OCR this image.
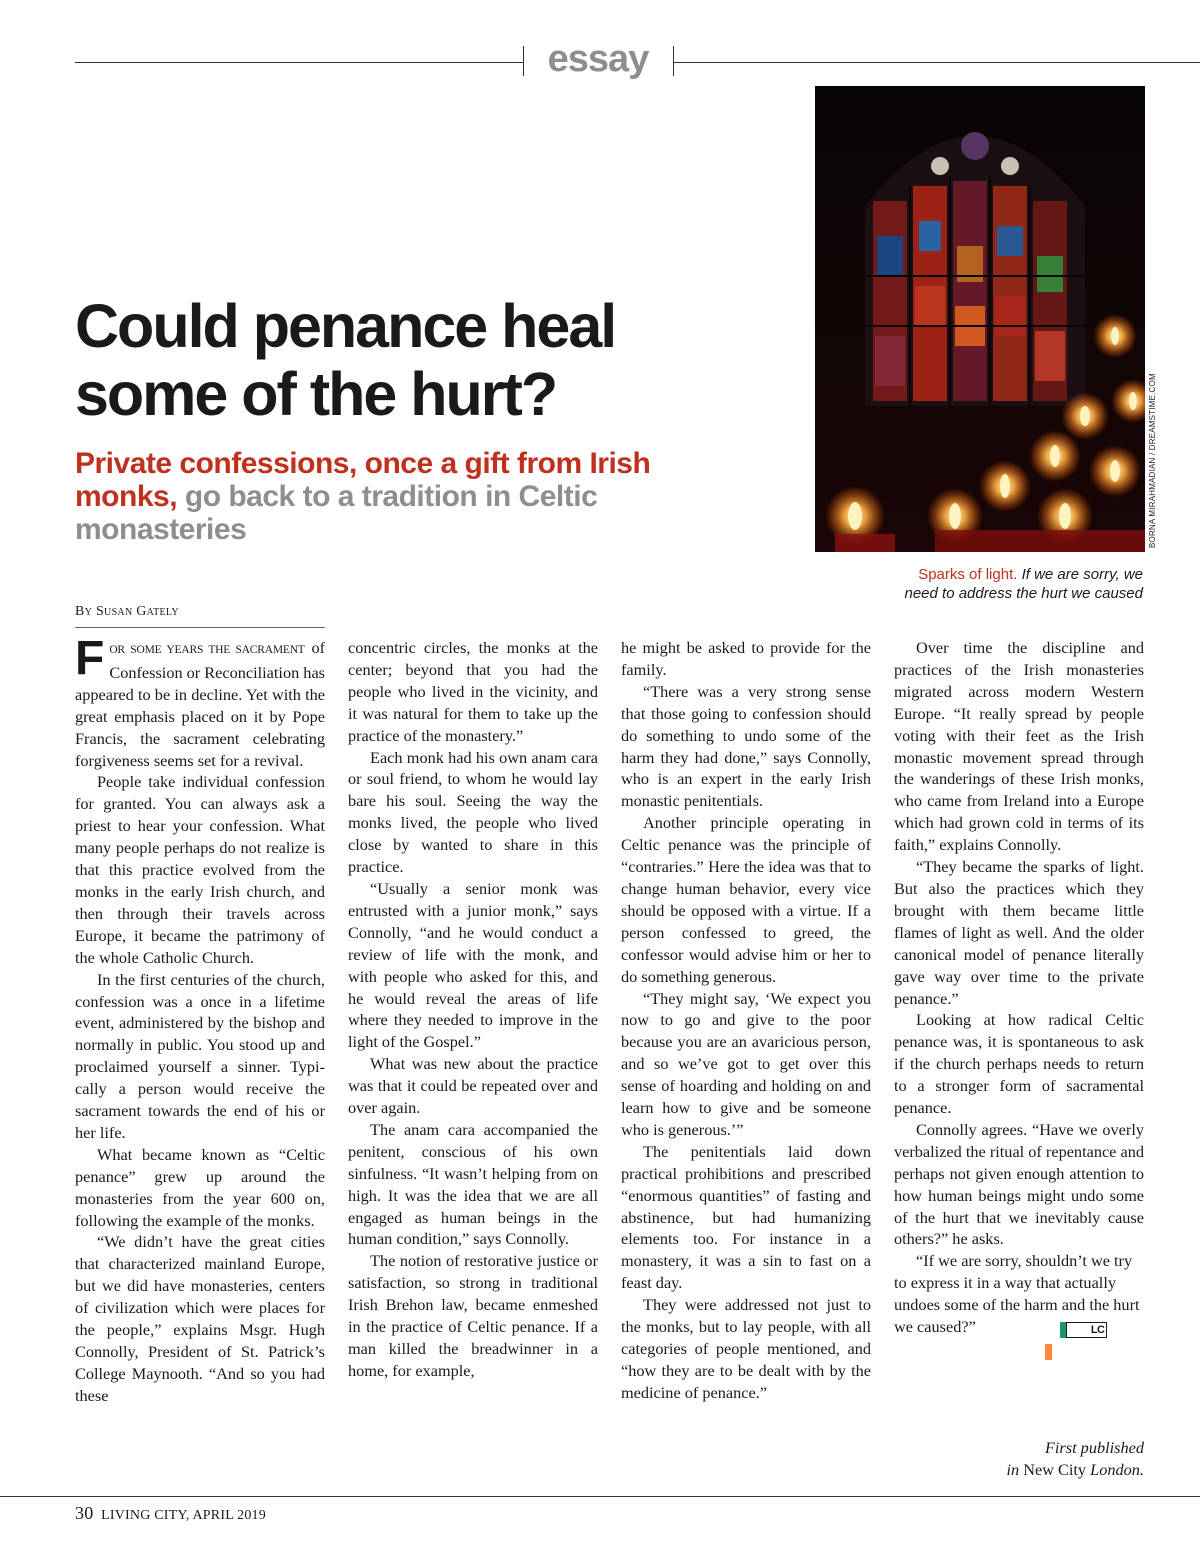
essay
BORNA MIRAHMADIAN / DREAMSTIME.COM
Sparks of light. If we are sorry, we need to address the hurt we caused
Could penance heal some of the hurt?
Private confessions, once a gift from Irish monks, go back to a tradition in Celtic monasteries
By Susan Gately

FOR SOME YEARS THE SACRAMENT of Confession or Reconciliation has appeared to be in decline. Yet with the great emphasis placed on it by Pope Francis, the sacrament celebrating forgiveness seems set for a revival.

People take individual confession for granted. You can always ask a priest to hear your confession. What many people perhaps do not realize is that this practice evolved from the monks in the early Irish church, and then through their travels across Europe, it became the patrimony of the whole Catholic Church.

In the first centuries of the church, confession was a once in a lifetime event, administered by the bishop and normally in public. You stood up and proclaimed yourself a sinner. Typically a person would receive the sacrament towards the end of his or her life.

What became known as “Celtic penance” grew up around the monasteries from the year 600 on, following the example of the monks.

“We didn’t have the great cities that characterized mainland Europe, but we did have monasteries, centers of civilization which were places for the people,” explains Msgr. Hugh Connolly, President of St. Patrick’s College Maynooth. “And so you had these

concentric circles, the monks at the center; beyond that you had the people who lived in the vicinity, and it was natural for them to take up the practice of the monastery.”

Each monk had his own anam cara or soul friend, to whom he would lay bare his soul. Seeing the way the monks lived, the people who lived close by wanted to share in this practice.

“Usually a senior monk was entrusted with a junior monk,” says Connolly, “and he would conduct a review of life with the monk, and with people who asked for this, and he would reveal the areas of life where they needed to improve in the light of the Gospel.”

What was new about the practice was that it could be repeated over and over again.

The anam cara accompanied the penitent, conscious of his own sinfulness. “It wasn’t helping from on high. It was the idea that we are all engaged as human beings in the human condition,” says Connolly.

The notion of restorative justice or satisfaction, so strong in traditional Irish Brehon law, became enmeshed in the practice of Celtic penance. If a man killed the breadwinner in a home, for example,

he might be asked to provide for the family.

“There was a very strong sense that those going to confession should do something to undo some of the harm they had done,” says Connolly, who is an expert in the early Irish monastic penitentials.

Another principle operating in Celtic penance was the principle of “contraries.” Here the idea was that to change human behavior, every vice should be opposed with a virtue. If a person confessed to greed, the confessor would advise him or her to do something generous.

“They might say, ‘We expect you now to go and give to the poor because you are an avaricious person, and so we’ve got to get over this sense of hoarding and holding on and learn how to give and be someone who is generous.’”

The penitentials laid down practical prohibitions and prescribed “enormous quantities” of fasting and abstinence, but had humanizing elements too. For instance in a monastery, it was a sin to fast on a feast day.

They were addressed not just to the monks, but to lay people, with all categories of people mentioned, and “how they are to be dealt with by the medicine of penance.”

Over time the discipline and practices of the Irish monasteries migrated across modern Western Europe. “It really spread by people voting with their feet as the Irish monastic movement spread through the wanderings of these Irish monks, who came from Ireland into a Europe which had grown cold in terms of its faith,” explains Connolly.

“They became the sparks of light. But also the practices which they brought with them became little flames of light as well. And the older canonical model of penance literally gave way over time to the private penance.”

Looking at how radical Celtic penance was, it is spontaneous to ask if the church perhaps needs to return to a stronger form of sacramental penance.

Connolly agrees. “Have we overly verbalized the ritual of repentance and perhaps not given enough attention to how human beings might undo some of the hurt that we inevitably cause others?” he asks.

“If we are sorry, shouldn’t we try to express it in a way that actually undoes some of the harm and the hurt we caused?”	LC

First published
in New City London.
30 LIVING CITY, APRIL 2019
